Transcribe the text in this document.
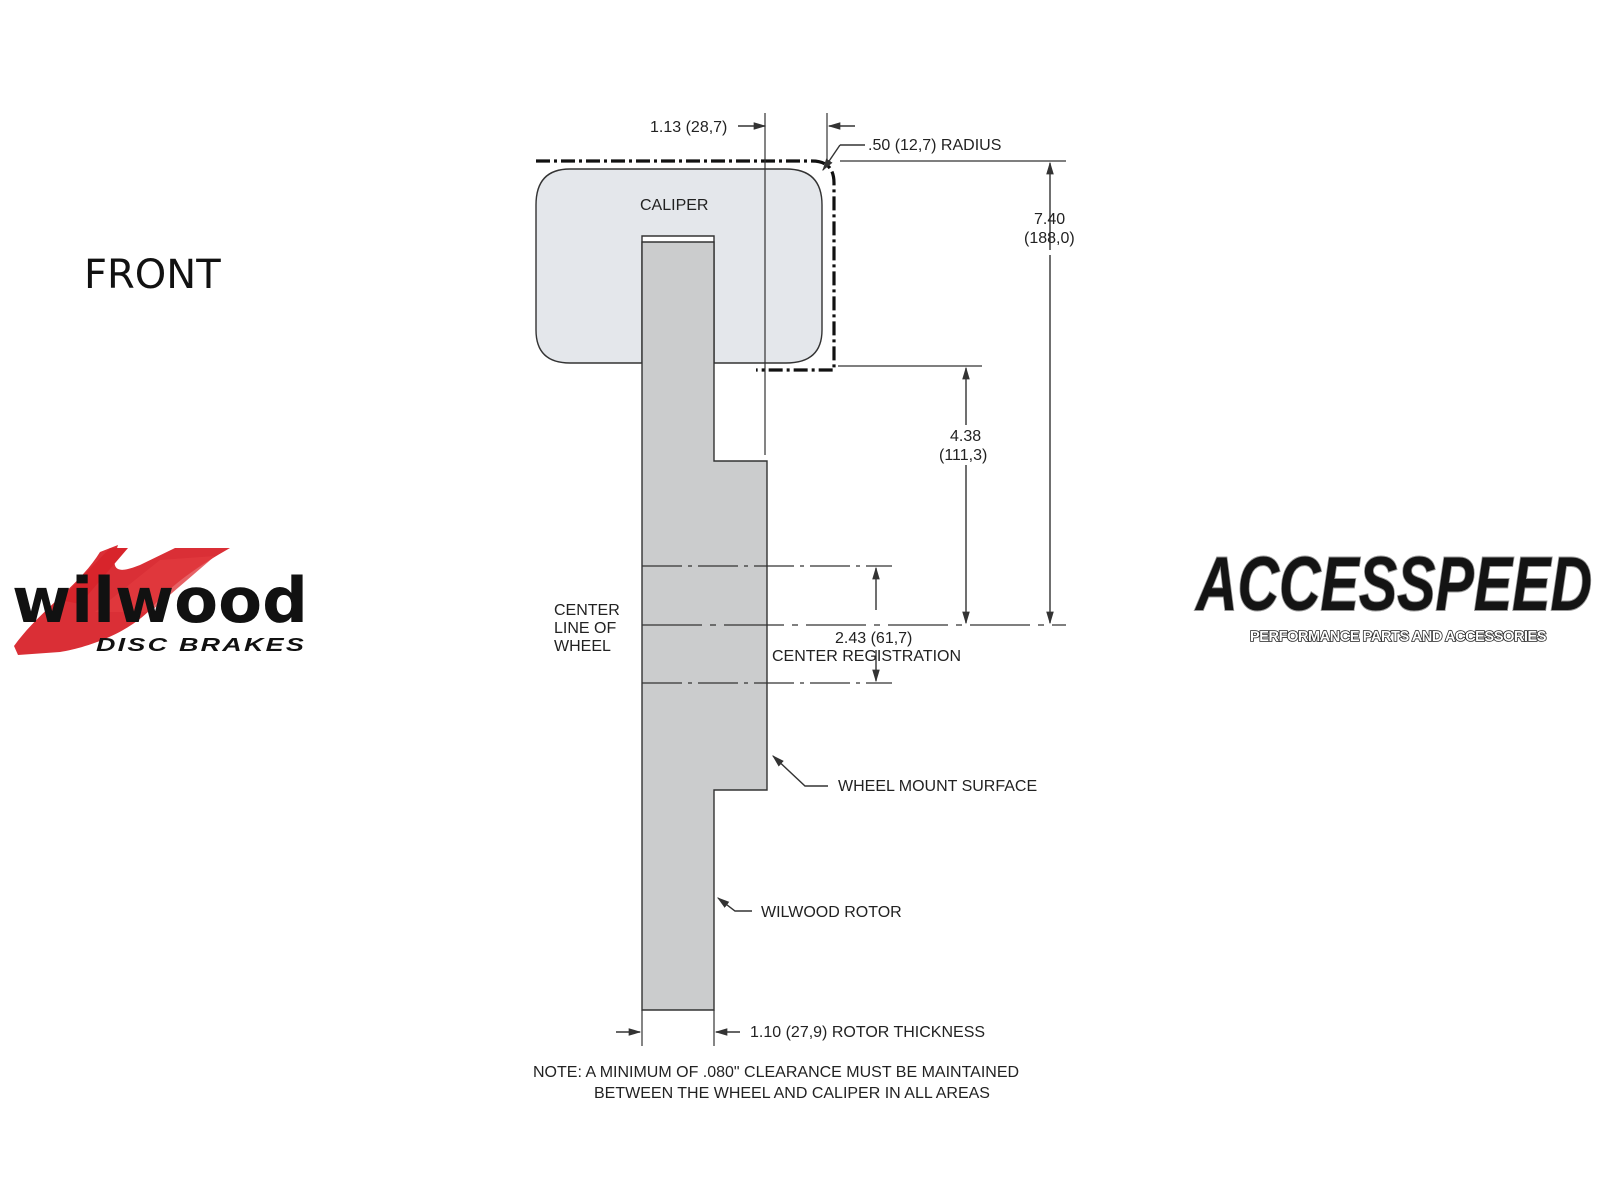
FRONT
wilwood
DISC BRAKES
ACCESSPEED
PERFORMANCE PARTS AND ACCESSORIES
CALIPER
1.13 (28,7)
.50 (12,7) RADIUS
7.40
(188,0)
4.38
(111,3)
2.43 (61,7)
CENTER REGISTRATION
CENTER
LINE OF
WHEEL
WHEEL MOUNT SURFACE
WILWOOD ROTOR
1.10 (27,9) ROTOR THICKNESS
NOTE: A MINIMUM OF .080" CLEARANCE MUST BE MAINTAINED
BETWEEN THE WHEEL AND CALIPER IN ALL AREAS
